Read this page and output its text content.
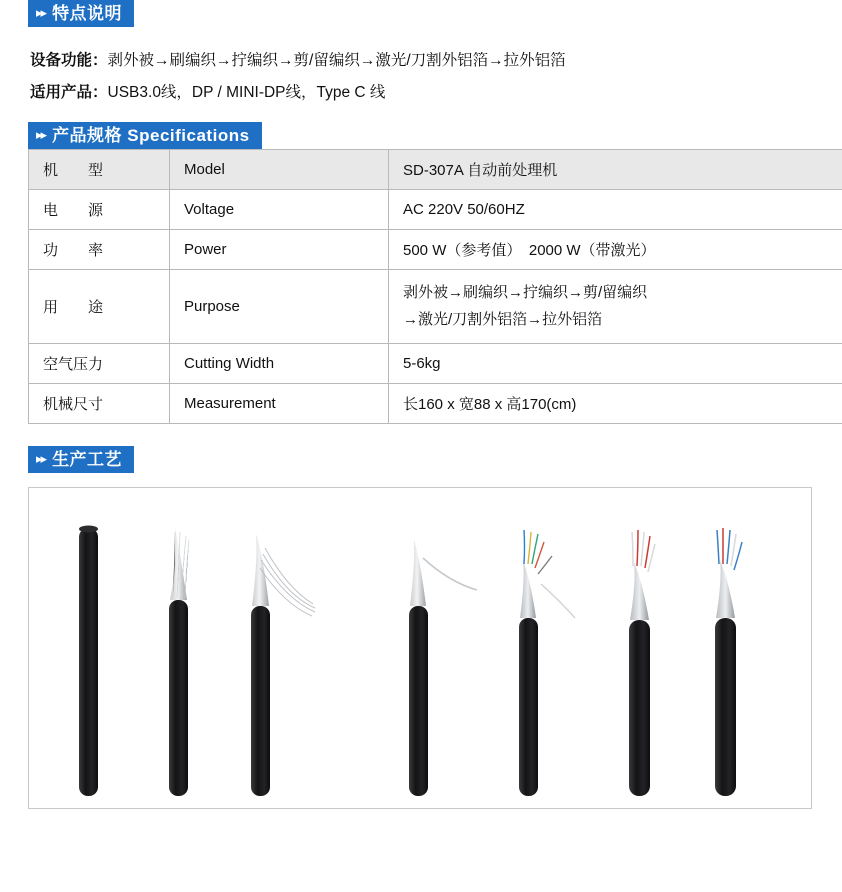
▸▸ 特点说明
设备功能： 剥外被→刷编织→拧编织→剪/留编织→激光/刀割外铝箔→拉外铝箔
适用产品： USB3.0线，DP / MINI-DP线，Type C 线
▸▸ 产品规格 Specifications
机　　型	Model	SD-307A 自动前处理机
电　　源	Voltage	AC 220V 50/60HZ
功　　率	Power	500 W（参考值）　2000 W（带激光）
用　　途	Purpose	剥外被→刷编织→拧编织→剪/留编织
→激光/刀割外铝箔→拉外铝箔

空气压力	Cutting Width	5-6kg
机械尺寸	Measurement	长160 x 宽88 x 高170(cm)
▸▸ 生产工艺
